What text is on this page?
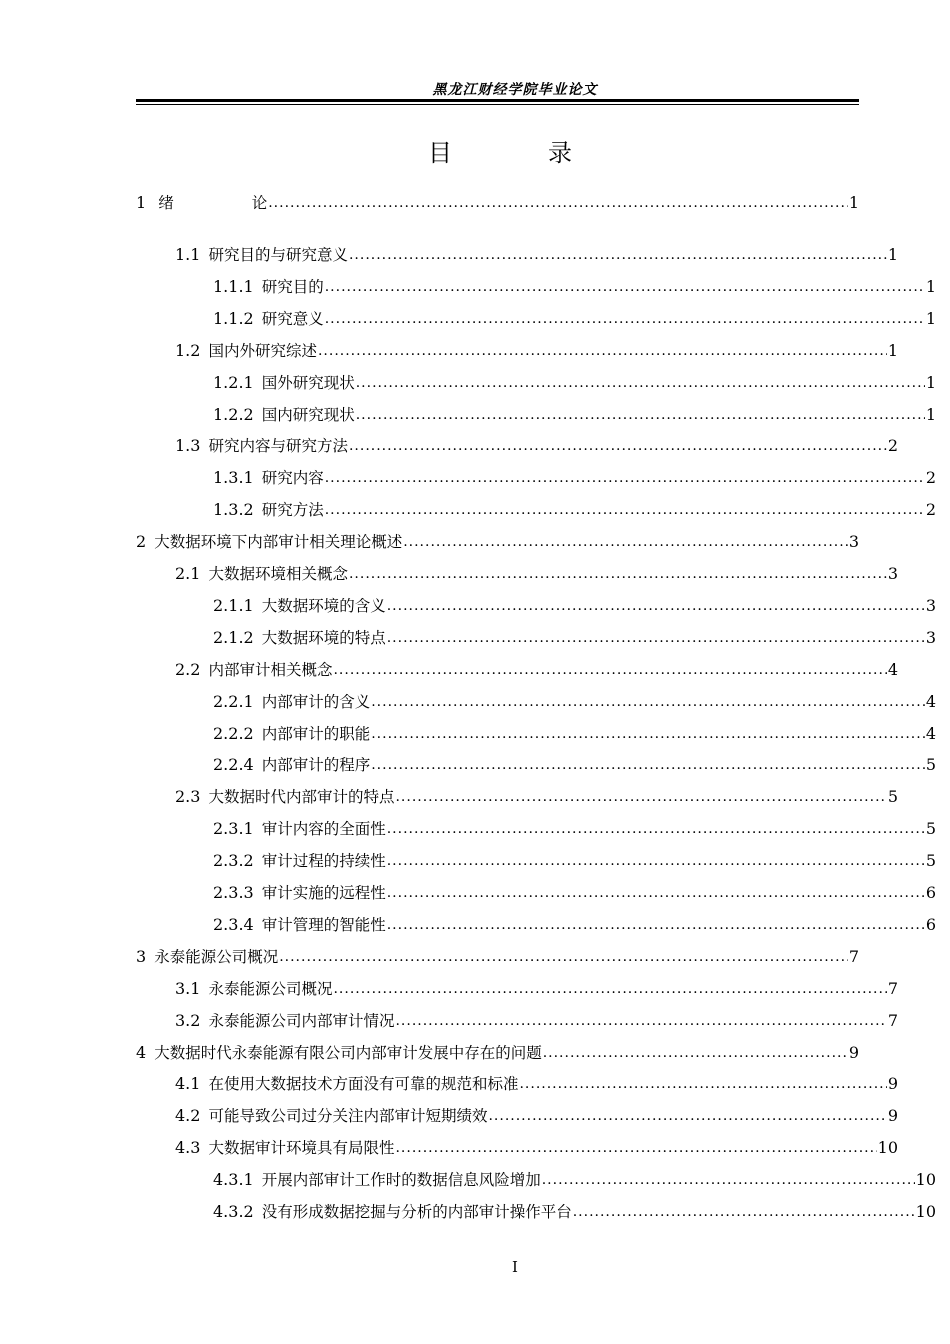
黑龙江财经学院毕业论文
目	录
1 绪	论 .....	1
1.1 研究目的与研究意义 .....	1
1.1.1 研究目的 .....	1
1.1.2 研究意义 .....	1
1.2 国内外研究综述 .....	1
1.2.1 国外研究现状 .....	1
1.2.2 国内研究现状 .....	1
1.3 研究内容与研究方法 .....	2
1.3.1 研究内容 .....	2
1.3.2 研究方法 .....	2
2 大数据环境下内部审计相关理论概述 .....	3
2.1 大数据环境相关概念 .....	3
2.1.1 大数据环境的含义 .....	3
2.1.2 大数据环境的特点 .....	3
2.2 内部审计相关概念 .....	4
2.2.1 内部审计的含义 .....	4
2.2.2 内部审计的职能 .....	4
2.2.4 内部审计的程序 .....	5
2.3 大数据时代内部审计的特点 .....	5
2.3.1 审计内容的全面性 .....	5
2.3.2 审计过程的持续性 .....	5
2.3.3 审计实施的远程性 .....	6
2.3.4 审计管理的智能性 .....	6
3 永泰能源公司概况 .....	7
3.1 永泰能源公司概况 .....	7
3.2 永泰能源公司内部审计情况 .....	7
4 大数据时代永泰能源有限公司内部审计发展中存在的问题 .....	9
4.1 在使用大数据技术方面没有可靠的规范和标准 .....	9
4.2 可能导致公司过分关注内部审计短期绩效 .....	9
4.3 大数据审计环境具有局限性 .....	10
4.3.1 开展内部审计工作时的数据信息风险增加 .....	10
4.3.2 没有形成数据挖掘与分析的内部审计操作平台 .....	10
I
